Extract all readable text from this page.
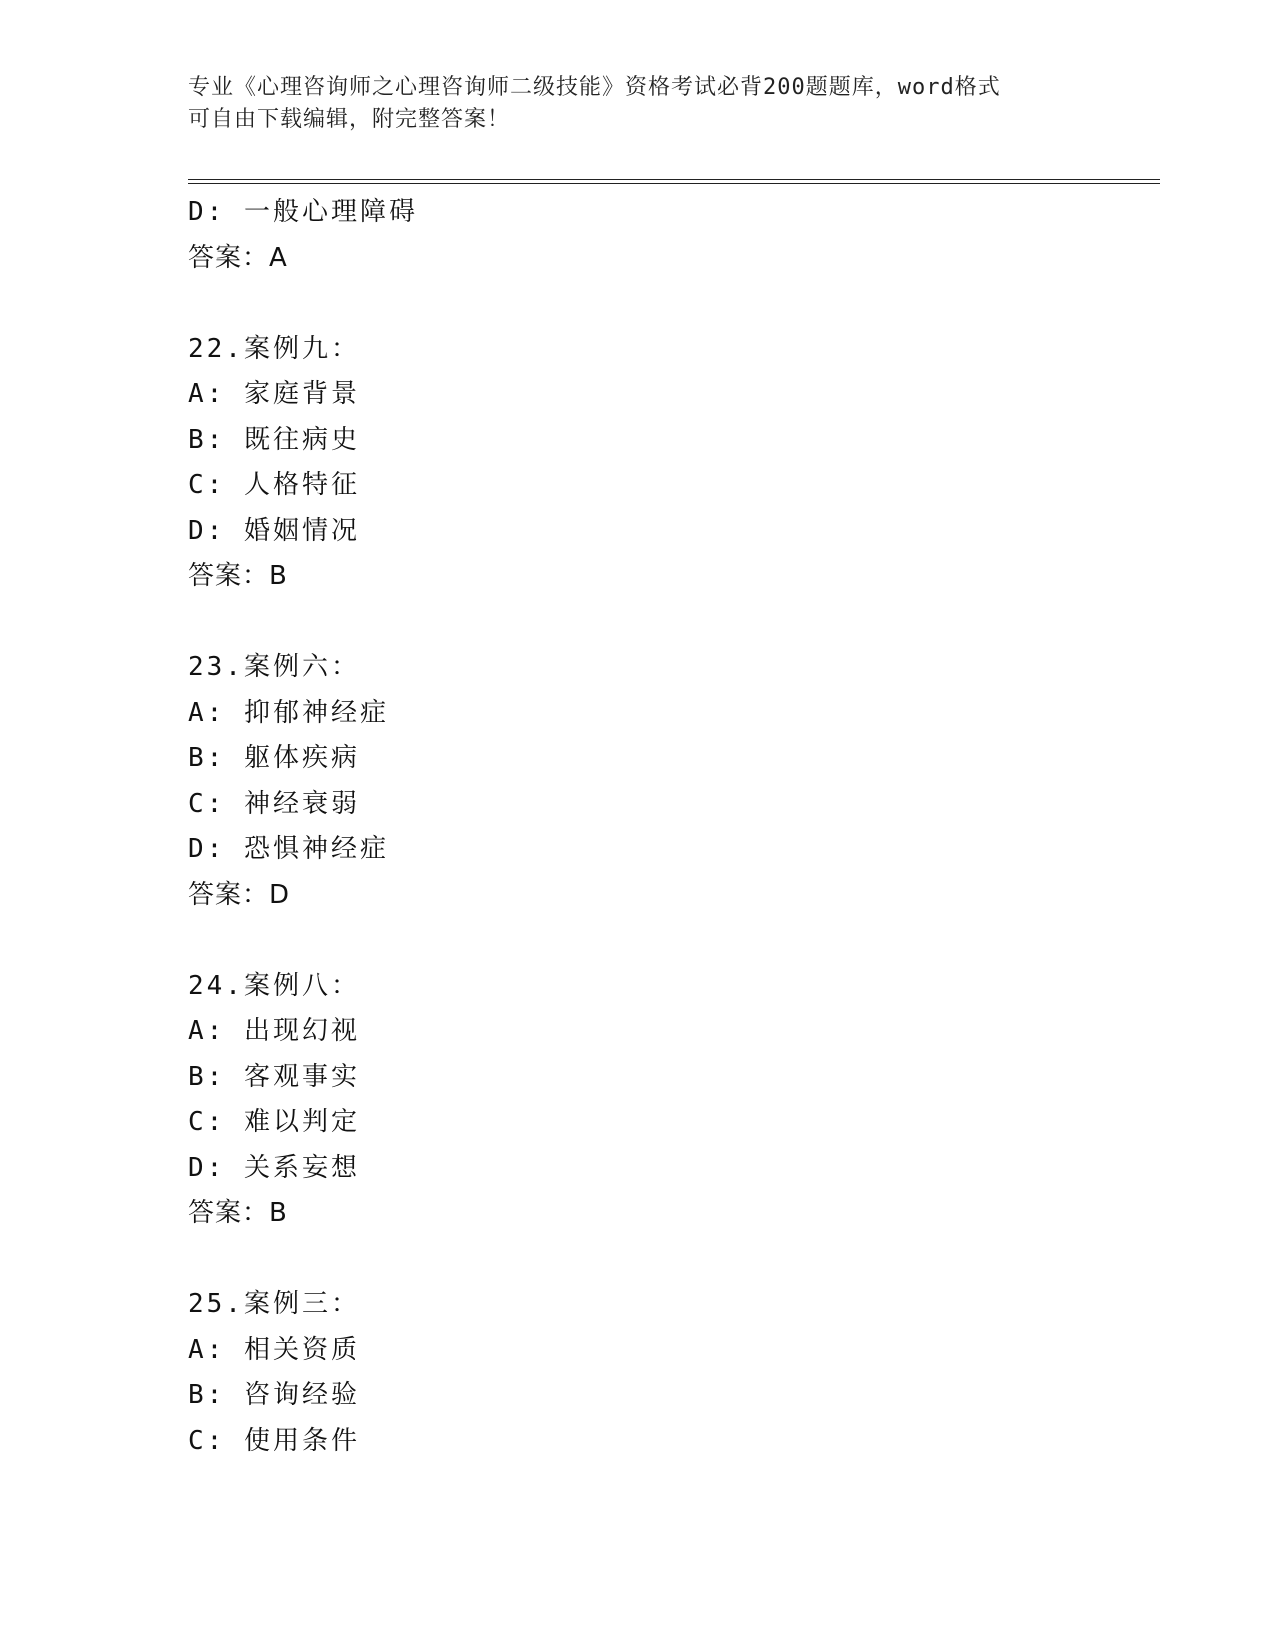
专业《心理咨询师之心理咨询师二级技能》资格考试必背200题题库，word格式
可自由下载编辑，附完整答案！
D: 一般心理障碍
答案：A
22.案例九：
A: 家庭背景
B: 既往病史
C: 人格特征
D: 婚姻情况
答案：B
23.案例六：
A: 抑郁神经症
B: 躯体疾病
C: 神经衰弱
D: 恐惧神经症
答案：D
24.案例八：
A: 出现幻视
B: 客观事实
C: 难以判定
D: 关系妄想
答案：B
25.案例三：
A: 相关资质
B: 咨询经验
C: 使用条件
